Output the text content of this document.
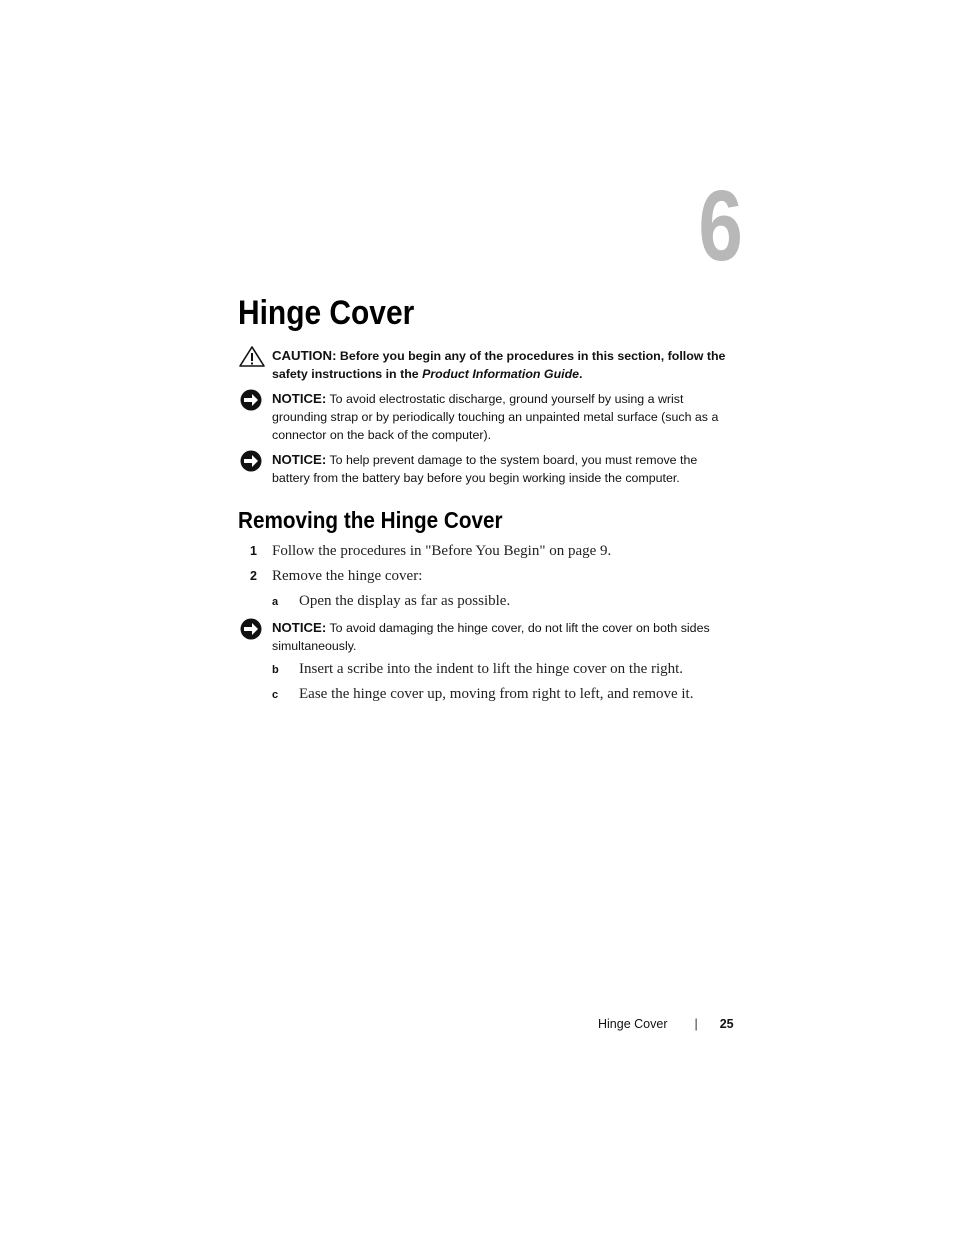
6
Hinge Cover
CAUTION: Before you begin any of the procedures in this section, follow the safety instructions in the Product Information Guide.
NOTICE: To avoid electrostatic discharge, ground yourself by using a wrist grounding strap or by periodically touching an unpainted metal surface (such as a connector on the back of the computer).
NOTICE: To help prevent damage to the system board, you must remove the battery from the battery bay before you begin working inside the computer.
Removing the Hinge Cover
1	Follow the procedures in "Before You Begin" on page 9.
2	Remove the hinge cover:
a	Open the display as far as possible.
NOTICE: To avoid damaging the hinge cover, do not lift the cover on both sides simultaneously.
b	Insert a scribe into the indent to lift the hinge cover on the right.
c	Ease the hinge cover up, moving from right to left, and remove it.
Hinge Cover | 25
